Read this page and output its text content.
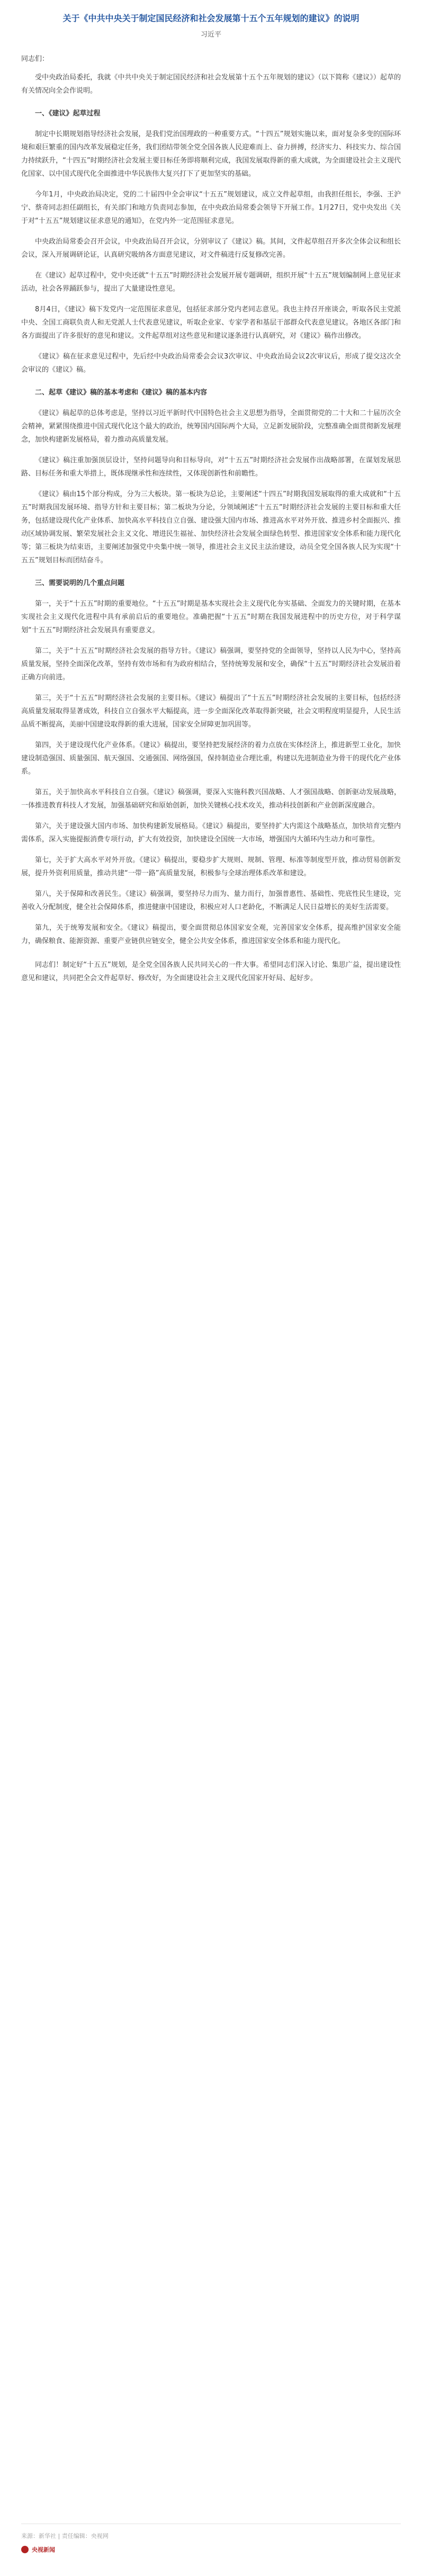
关于《中共中央关于制定国民经济和社会发展第十五个五年规划的建议》的说明
习近平

同志们：

受中央政治局委托，我就《中共中央关于制定国民经济和社会发展第十五个五年规划的建议》（以下简称《建议》）起草的有关情况向全会作说明。

一、《建议》起草过程

制定中长期规划指导经济社会发展，是我们党治国理政的一种重要方式。“十四五”规划实施以来，面对复杂多变的国际环境和艰巨繁重的国内改革发展稳定任务，我们团结带领全党全国各族人民迎难而上、奋力拼搏，经济实力、科技实力、综合国力持续跃升，“十四五”时期经济社会发展主要目标任务即将顺利完成，我国发展取得新的重大成就，为全面建设社会主义现代化国家、以中国式现代化全面推进中华民族伟大复兴打下了更加坚实的基础。

今年1月，中央政治局决定，党的二十届四中全会审议“十五五”规划建议，成立文件起草组，由我担任组长，李强、王沪宁、蔡奇同志担任副组长，有关部门和地方负责同志参加，在中央政治局常委会领导下开展工作。1月27日，党中央发出《关于对“十五五”规划建议征求意见的通知》，在党内外一定范围征求意见。

中央政治局常委会召开会议，中央政治局召开会议，分别审议了《建议》稿。其间，文件起草组召开多次全体会议和组长会议，深入开展调研论证，认真研究吸纳各方面意见建议，对文件稿进行反复修改完善。

在《建议》起草过程中，党中央还就“十五五”时期经济社会发展开展专题调研，组织开展“十五五”规划编制网上意见征求活动，社会各界踊跃参与，提出了大量建设性意见。

8月4日，《建议》稿下发党内一定范围征求意见，包括征求部分党内老同志意见。我也主持召开座谈会，听取各民主党派中央、全国工商联负责人和无党派人士代表意见建议，听取企业家、专家学者和基层干部群众代表意见建议。各地区各部门和各方面提出了许多很好的意见和建议。文件起草组对这些意见和建议逐条进行认真研究，对《建议》稿作出修改。

《建议》稿在征求意见过程中，先后经中央政治局常委会会议3次审议、中央政治局会议2次审议后，形成了提交这次全会审议的《建议》稿。

二、起草《建议》稿的基本考虑和《建议》稿的基本内容

《建议》稿起草的总体考虑是，坚持以习近平新时代中国特色社会主义思想为指导，全面贯彻党的二十大和二十届历次全会精神，紧紧围绕推进中国式现代化这个最大的政治，统筹国内国际两个大局，立足新发展阶段，完整准确全面贯彻新发展理念，加快构建新发展格局，着力推动高质量发展。

《建议》稿注重加强顶层设计，坚持问题导向和目标导向，对“十五五”时期经济社会发展作出战略部署，在谋划发展思路、目标任务和重大举措上，既体现继承性和连续性，又体现创新性和前瞻性。

《建议》稿由15个部分构成，分为三大板块。第一板块为总论，主要阐述“十四五”时期我国发展取得的重大成就和“十五五”时期我国发展环境、指导方针和主要目标；第二板块为分论，分领域阐述“十五五”时期经济社会发展的主要目标和重大任务，包括建设现代化产业体系、加快高水平科技自立自强、建设强大国内市场、推进高水平对外开放、推进乡村全面振兴、推动区域协调发展、繁荣发展社会主义文化、增进民生福祉、加快经济社会发展全面绿色转型、推进国家安全体系和能力现代化等；第三板块为结束语，主要阐述加强党中央集中统一领导，推进社会主义民主法治建设，动员全党全国各族人民为实现“十五五”规划目标而团结奋斗。

三、需要说明的几个重点问题

第一，关于“十五五”时期的重要地位。“十五五”时期是基本实现社会主义现代化夯实基础、全面发力的关键时期，在基本实现社会主义现代化进程中具有承前启后的重要地位。准确把握“十五五”时期在我国发展进程中的历史方位，对于科学谋划“十五五”时期经济社会发展具有重要意义。

第二，关于“十五五”时期经济社会发展的指导方针。《建议》稿强调，要坚持党的全面领导，坚持以人民为中心，坚持高质量发展，坚持全面深化改革，坚持有效市场和有为政府相结合，坚持统筹发展和安全，确保“十五五”时期经济社会发展沿着正确方向前进。

第三，关于“十五五”时期经济社会发展的主要目标。《建议》稿提出了“十五五”时期经济社会发展的主要目标，包括经济高质量发展取得显著成效，科技自立自强水平大幅提高，进一步全面深化改革取得新突破，社会文明程度明显提升，人民生活品质不断提高，美丽中国建设取得新的重大进展，国家安全屏障更加巩固等。

第四，关于建设现代化产业体系。《建议》稿提出，要坚持把发展经济的着力点放在实体经济上，推进新型工业化，加快建设制造强国、质量强国、航天强国、交通强国、网络强国，保持制造业合理比重，构建以先进制造业为骨干的现代化产业体系。

第五，关于加快高水平科技自立自强。《建议》稿强调，要深入实施科教兴国战略、人才强国战略、创新驱动发展战略，一体推进教育科技人才发展，加强基础研究和原始创新，加快关键核心技术攻关，推动科技创新和产业创新深度融合。

第六，关于建设强大国内市场、加快构建新发展格局。《建议》稿提出，要坚持扩大内需这个战略基点，加快培育完整内需体系，深入实施提振消费专项行动，扩大有效投资，加快建设全国统一大市场，增强国内大循环内生动力和可靠性。

第七，关于扩大高水平对外开放。《建议》稿提出，要稳步扩大规则、规制、管理、标准等制度型开放，推动贸易创新发展，提升外资利用质量，推动共建“一带一路”高质量发展，积极参与全球治理体系改革和建设。

第八，关于保障和改善民生。《建议》稿强调，要坚持尽力而为、量力而行，加强普惠性、基础性、兜底性民生建设，完善收入分配制度，健全社会保障体系，推进健康中国建设，积极应对人口老龄化，不断满足人民日益增长的美好生活需要。

第九，关于统筹发展和安全。《建议》稿提出，要全面贯彻总体国家安全观，完善国家安全体系，提高维护国家安全能力，确保粮食、能源资源、重要产业链供应链安全，健全公共安全体系，推进国家安全体系和能力现代化。

同志们！制定好“十五五”规划，是全党全国各族人民共同关心的一件大事。希望同志们深入讨论、集思广益，提出建设性意见和建议，共同把全会文件起草好、修改好，为全面建设社会主义现代化国家开好局、起好步。

来源：新华社 | 责任编辑：央视网
央视新闻
